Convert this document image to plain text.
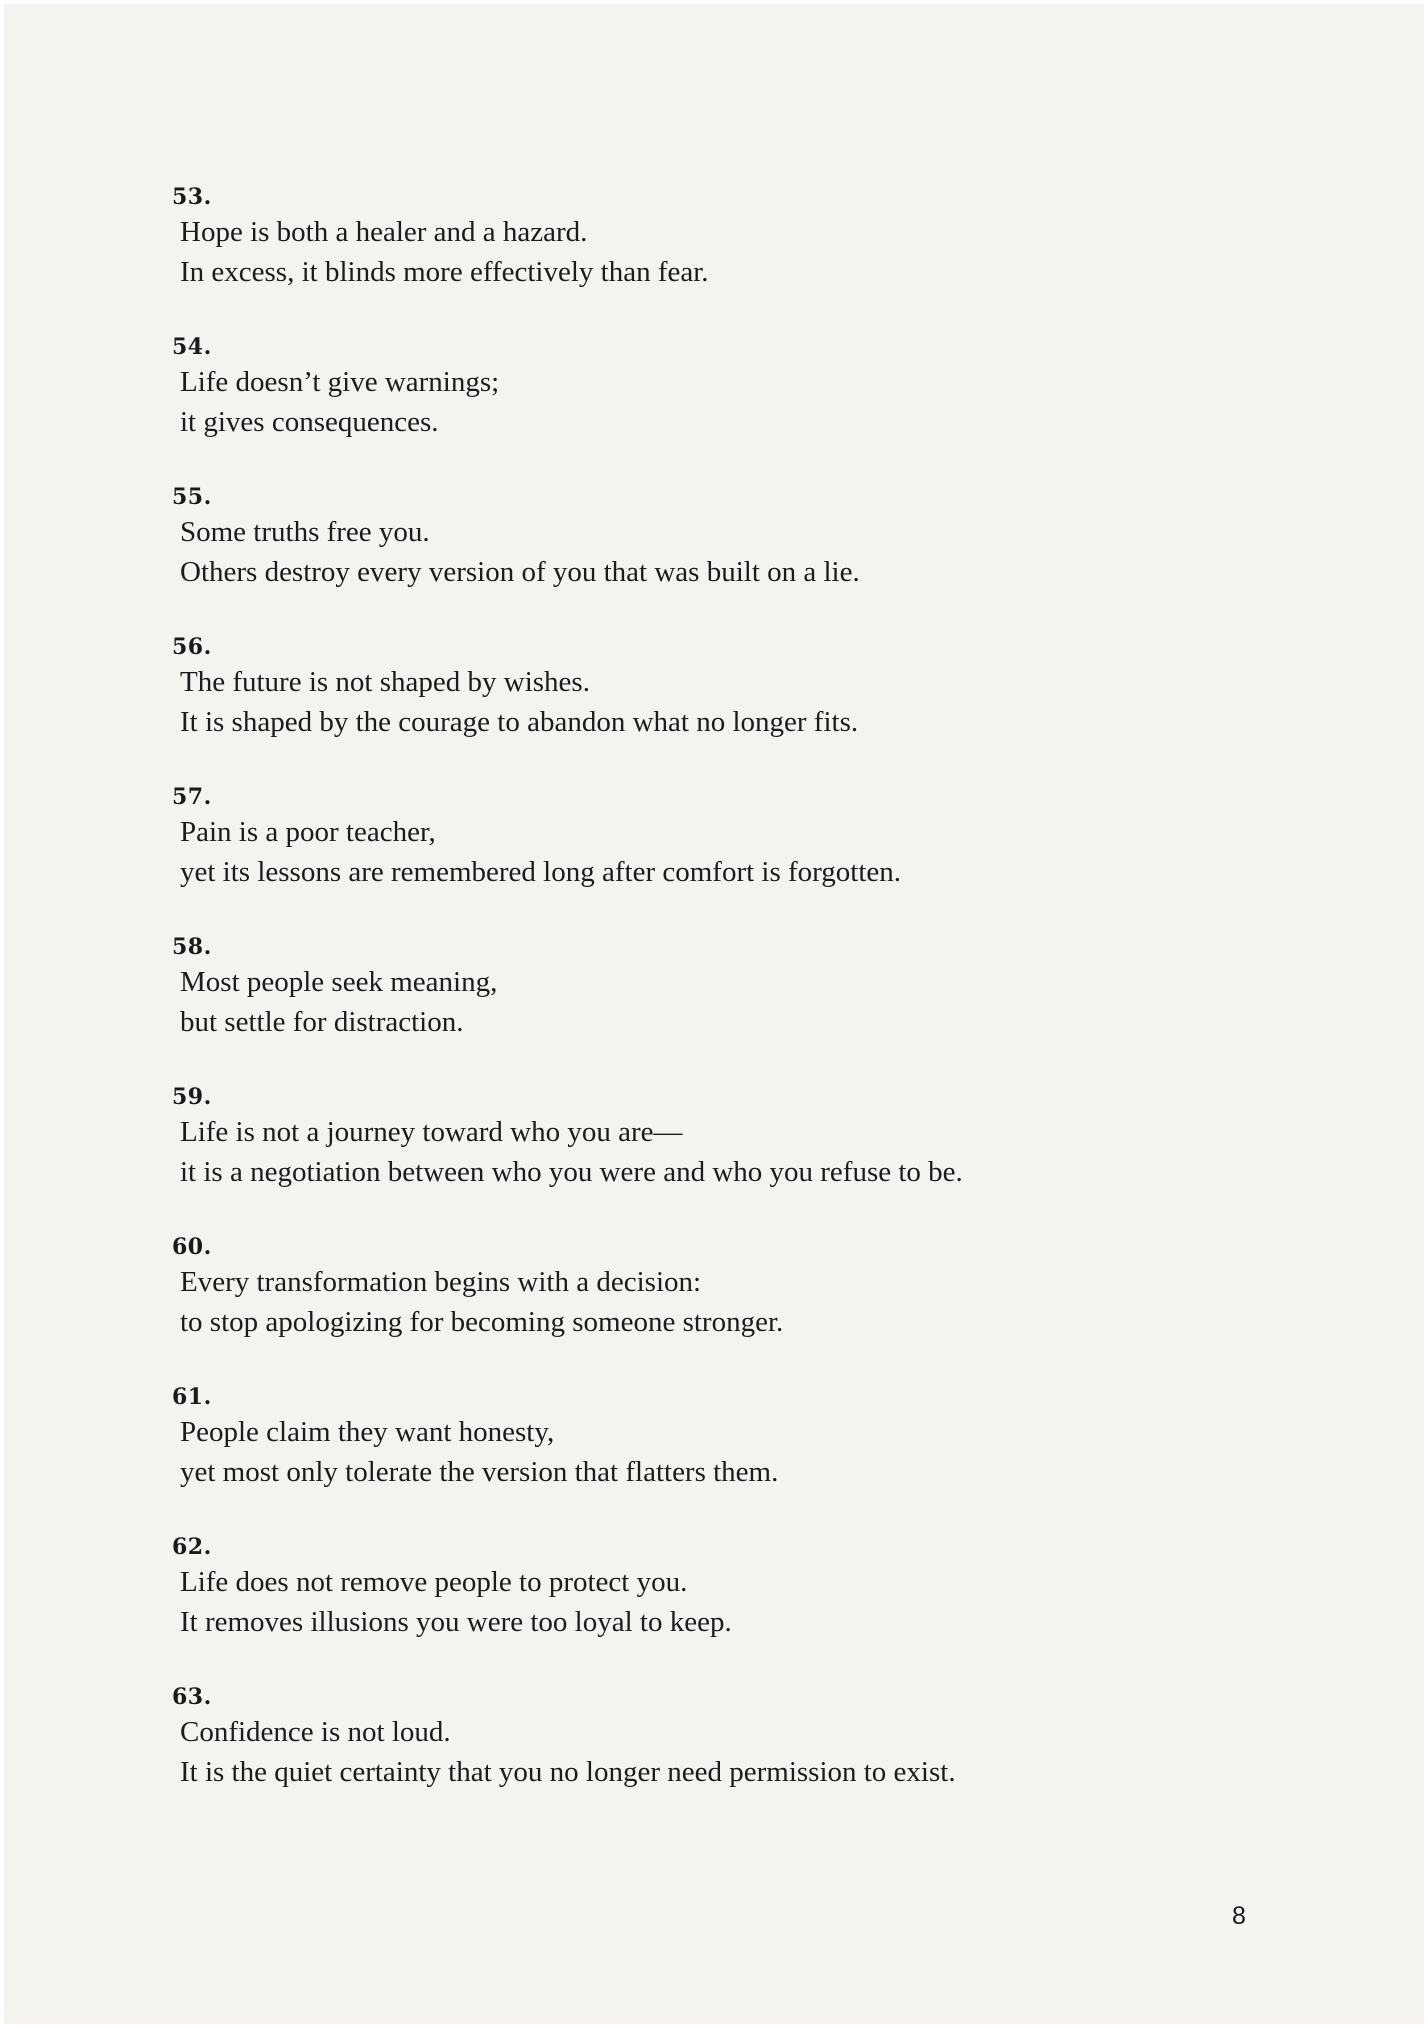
53.
Hope is both a healer and a hazard.
In excess, it blinds more effectively than fear.
54.
Life doesn’t give warnings;
it gives consequences.
55.
Some truths free you.
Others destroy every version of you that was built on a lie.
56.
The future is not shaped by wishes.
It is shaped by the courage to abandon what no longer fits.
57.
Pain is a poor teacher,
yet its lessons are remembered long after comfort is forgotten.
58.
Most people seek meaning,
but settle for distraction.
59.
Life is not a journey toward who you are—
it is a negotiation between who you were and who you refuse to be.
60.
Every transformation begins with a decision:
to stop apologizing for becoming someone stronger.
61.
People claim they want honesty,
yet most only tolerate the version that flatters them.
62.
Life does not remove people to protect you.
It removes illusions you were too loyal to keep.
63.
Confidence is not loud.
It is the quiet certainty that you no longer need permission to exist.
8
